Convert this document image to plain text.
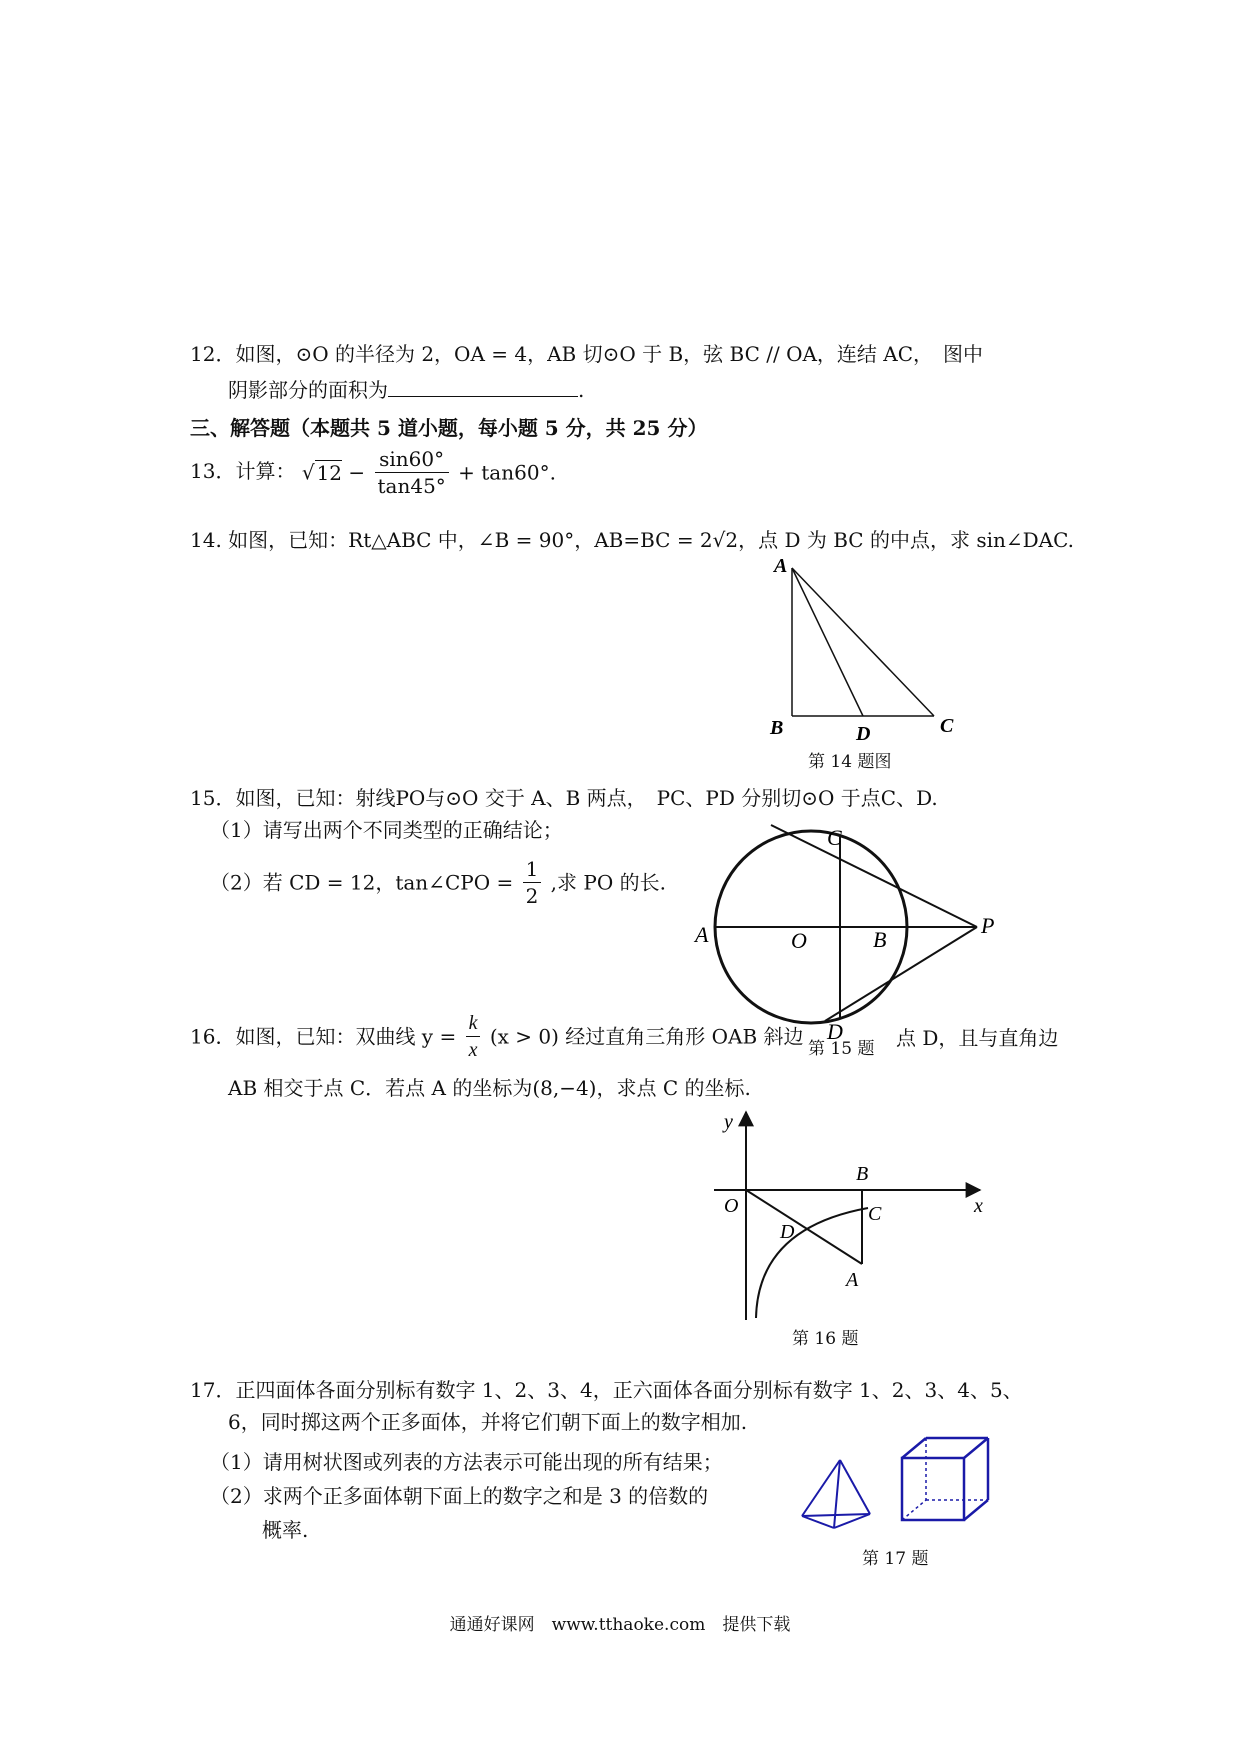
12．如图，⊙O 的半径为 2，OA = 4，AB 切⊙O 于 B，弦 BC // OA，连结 AC，　图中
阴影部分的面积为	.
三、解答题（本题共 5 道小题，每小题 5 分，共 25 分）
13．计算： √ $12 - \frac{\sin 60^\circ}{\tan 45^\circ} + \tan 60^\circ$.
14. 如图，已知：Rt△ABC 中，∠B = 90°，AB=BC = 2√2，点 D 为 BC 的中点，求 sin∠DAC.
A
B	D	C
第 14 题图
15．如图，已知：射线PO与⊙O 交于 A、B 两点，　PC、PD 分别切⊙O 于点C、D.
（1）请写出两个不同类型的正确结论；
（2）若 CD = 12，tan∠CPO = $\frac{1}{2}$ ,求 PO 的长.
C
A	O	B
P
D
16．如图，已知：双曲线 $y = \frac{k}{x} (x > 0)$ 经过直角三角形 OAB 斜边
第 15 题 点 D，且与直角边
AB 相交于点 C．若点 A 的坐标为(8,−4)，求点 C 的坐标.
y
x
O
B
C
D
A
第 16 题
17．正四面体各面分别标有数字 1、2、3、4，正六面体各面分别标有数字 1、2、3、4、5、
6，同时掷这两个正多面体，并将它们朝下面上的数字相加.
（1）请用树状图或列表的方法表示可能出现的所有结果；
（2）求两个正多面体朝下面上的数字之和是 3 的倍数的
概率.
第 17 题
通通好课网　www.tthaoke.com　提供下载
